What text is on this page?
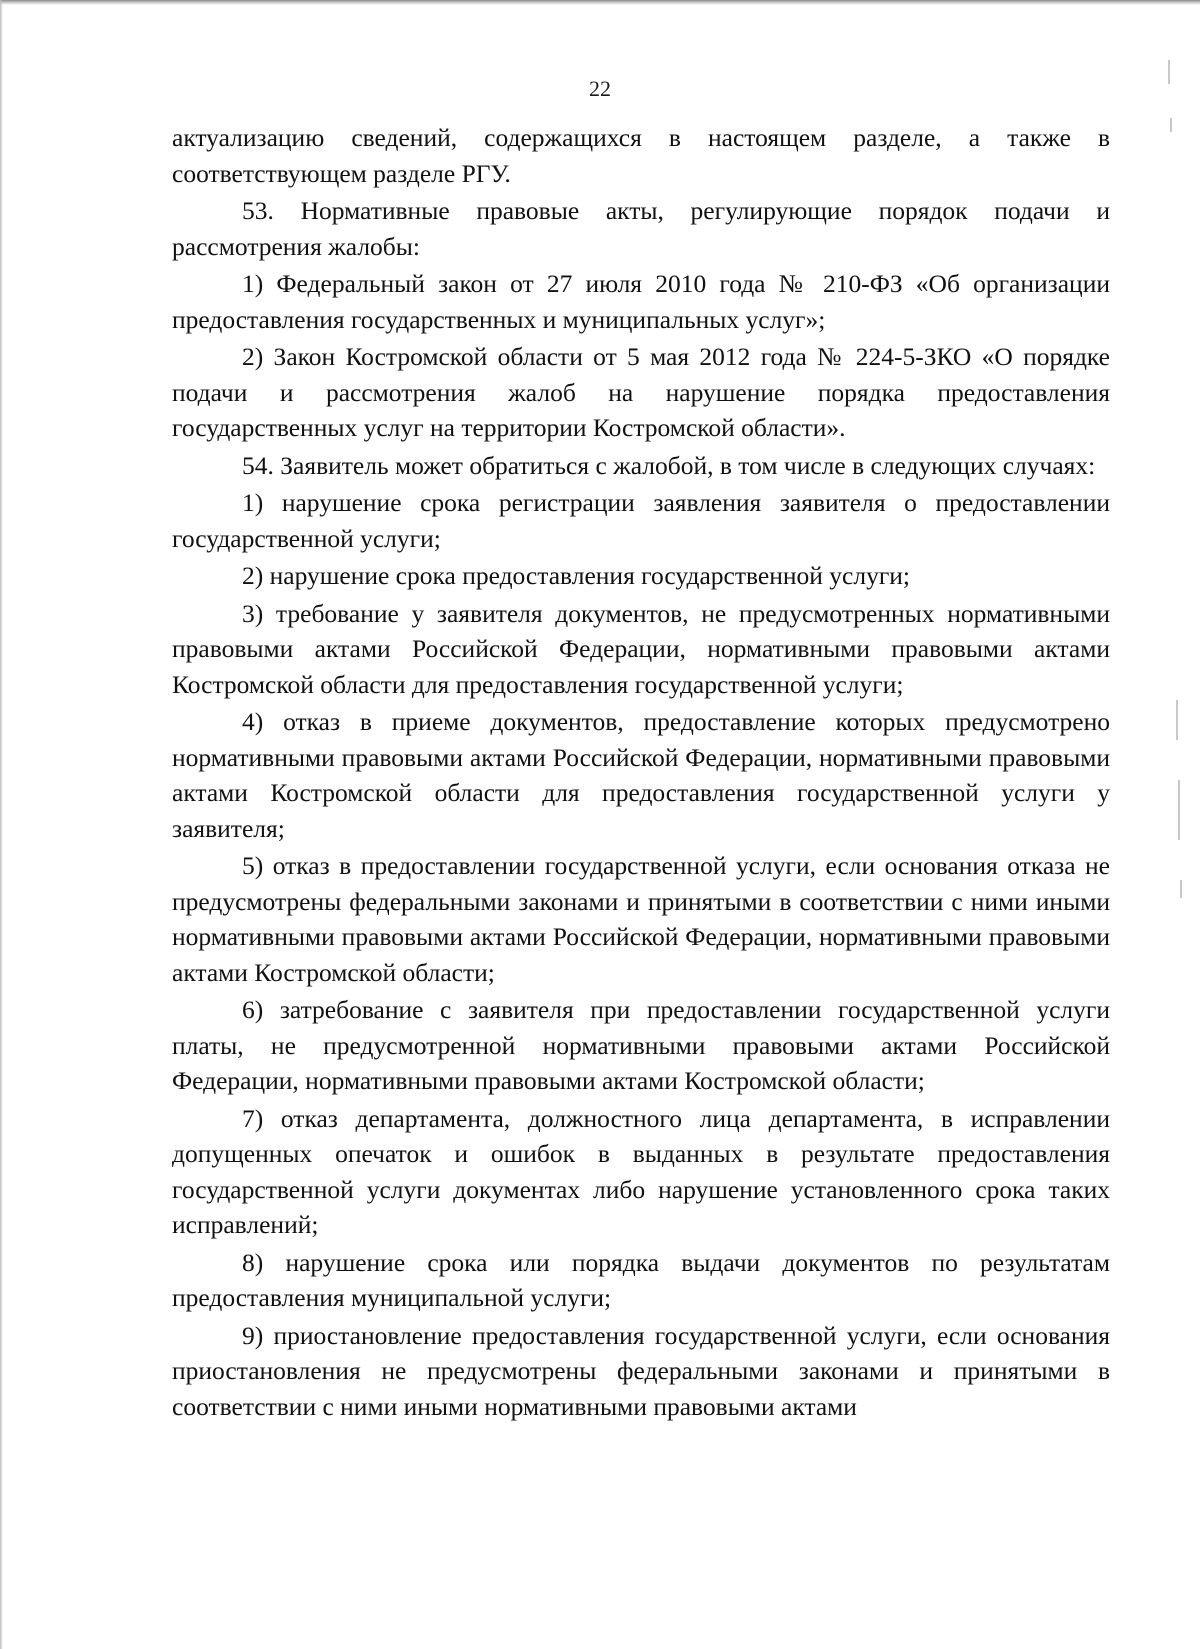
22

актуализацию сведений, содержащихся в настоящем разделе, а также в соответствующем разделе РГУ.

53. Нормативные правовые акты, регулирующие порядок подачи и рассмотрения жалобы:

1) Федеральный закон от 27 июля 2010 года № 210-ФЗ «Об организации предоставления государственных и муниципальных услуг»;

2) Закон Костромской области от 5 мая 2012 года № 224-5-ЗКО «О порядке подачи и рассмотрения жалоб на нарушение порядка предоставления государственных услуг на территории Костромской области».

54. Заявитель может обратиться с жалобой, в том числе в следующих случаях:

1) нарушение срока регистрации заявления заявителя о предоставлении государственной услуги;

2) нарушение срока предоставления государственной услуги;

3) требование у заявителя документов, не предусмотренных нормативными правовыми актами Российской Федерации, нормативными правовыми актами Костромской области для предоставления государственной услуги;

4) отказ в приеме документов, предоставление которых предусмотрено нормативными правовыми актами Российской Федерации, нормативными правовыми актами Костромской области для предоставления государственной услуги у заявителя;

5) отказ в предоставлении государственной услуги, если основания отказа не предусмотрены федеральными законами и принятыми в соответствии с ними иными нормативными правовыми актами Российской Федерации, нормативными правовыми актами Костромской области;

6) затребование с заявителя при предоставлении государственной услуги платы, не предусмотренной нормативными правовыми актами Российской Федерации, нормативными правовыми актами Костромской области;

7) отказ департамента, должностного лица департамента, в исправлении допущенных опечаток и ошибок в выданных в результате предоставления государственной услуги документах либо нарушение установленного срока таких исправлений;

8) нарушение срока или порядка выдачи документов по результатам предоставления муниципальной услуги;

9) приостановление предоставления государственной услуги, если основания приостановления не предусмотрены федеральными законами и принятыми в соответствии с ними иными нормативными правовыми актами
